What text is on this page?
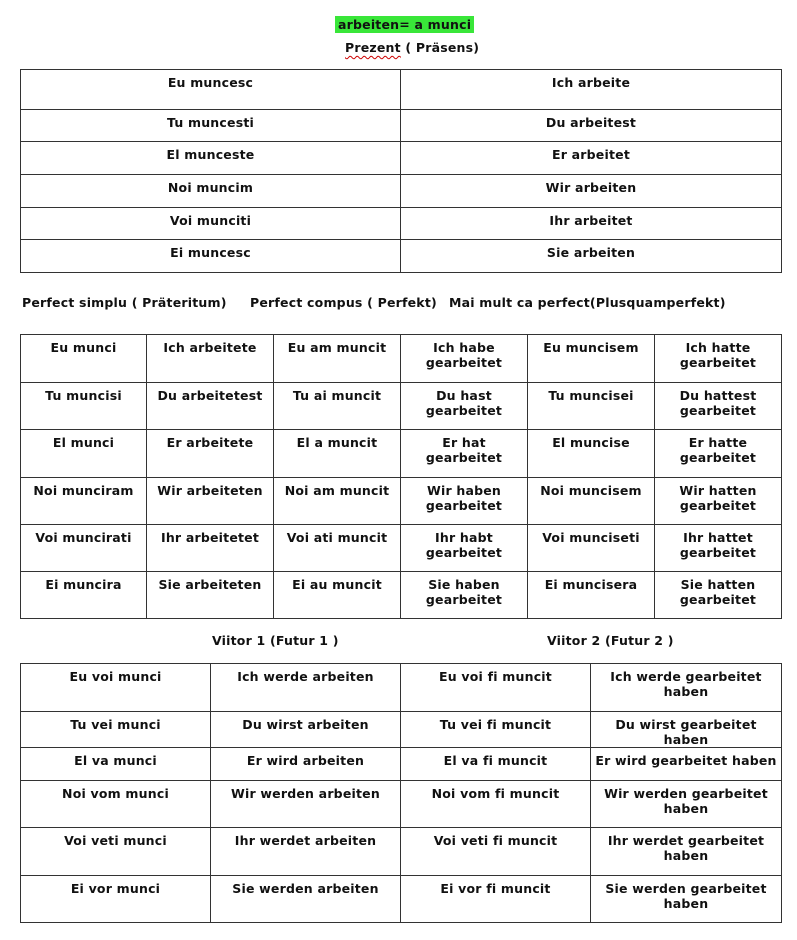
arbeiten= a munci
Prezent ( Präsens)
Eu muncesc	Ich arbeite
Tu muncesti	Du arbeitest
El munceste	Er arbeitet
Noi muncim	Wir arbeiten
Voi munciti	Ihr arbeitet
Ei muncesc	Sie arbeiten
Perfect simplu ( Präteritum) Perfect compus ( Perfekt) Mai mult ca perfect(Plusquamperfekt)
Eu munci	Ich arbeitete	Eu am muncit	Ich habe gearbeitet	Eu muncisem	Ich hatte gearbeitet
Tu muncisi	Du arbeitetest	Tu ai muncit	Du hast gearbeitet	Tu muncisei	Du hattest gearbeitet
El munci	Er arbeitete	El a muncit	Er hat gearbeitet	El muncise	Er hatte gearbeitet
Noi munciram	Wir arbeiteten	Noi am muncit	Wir haben gearbeitet	Noi muncisem	Wir hatten gearbeitet
Voi munci​rati	Ihr arbeitetet	Voi ati muncit	Ihr habt gearbeitet	Voi munciseti	Ihr hattet gearbeitet
Ei muncira	Sie arbeiteten	Ei au muncit	Sie haben gearbeitet	Ei muncisera	Sie hatten gearbeitet
Viitor 1 (Futur 1 )	Viitor 2 (Futur 2 )
Eu voi munci	Ich werde arbeiten	Eu voi fi muncit	Ich werde gearbeitet haben
Tu vei munci	Du wirst arbeiten	Tu vei fi muncit	Du wirst gearbeitet haben
El va munci	Er wird arbeiten	El va fi muncit	Er wird gearbeitet haben
Noi vom munci	Wir werden arbeiten	Noi vom fi muncit	Wir werden gearbeitet haben
Voi veti munci	Ihr werdet arbeiten	Voi veti fi muncit	Ihr werdet gearbeitet haben
Ei vor munci	Sie werden arbeiten	Ei vor fi muncit	Sie werden gearbeitet haben
